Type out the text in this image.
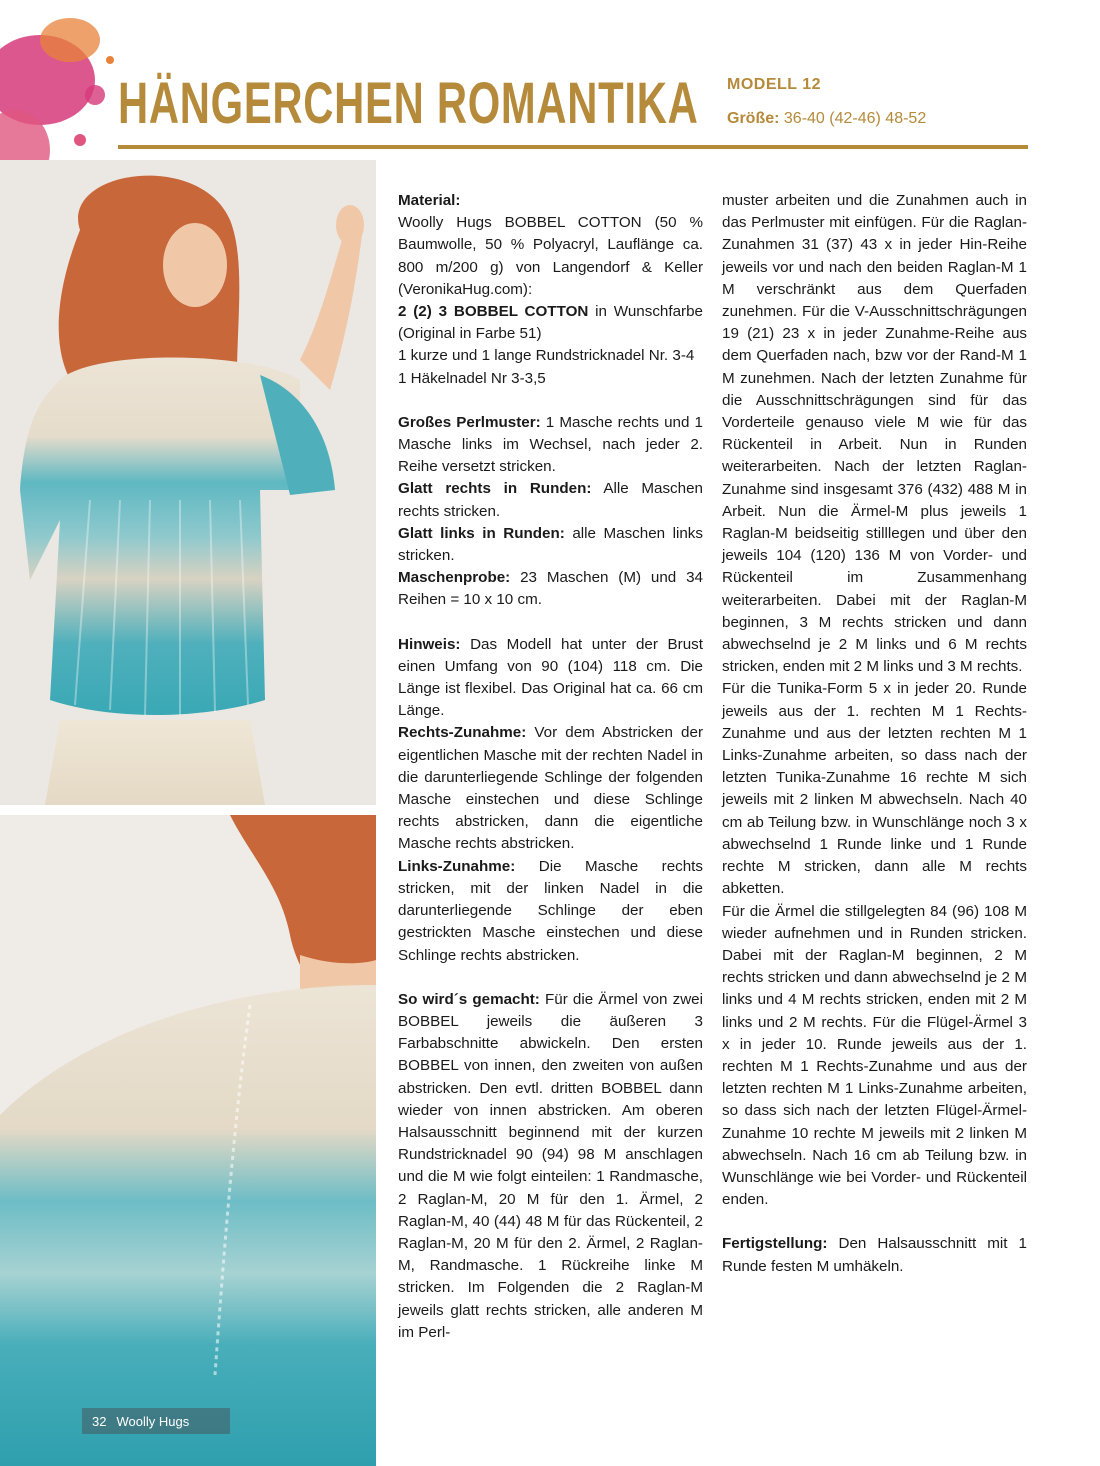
HÄNGERCHEN ROMANTIKA MODELL 12
Größe: 36-40 (42-46) 48-52
32 Woolly Hugs

Material:

Woolly Hugs BOBBEL COTTON (50 % Baumwolle, 50 % Polyacryl, Lauflänge ca. 800 m/200 g) von Langendorf & Keller (VeronikaHug.com):

2 (2) 3 BOBBEL COTTON in Wunschfarbe (Original in Farbe 51)

1 kurze und 1 lange Rundstricknadel Nr. 3-4

1 Häkelnadel Nr 3-3,5

Großes Perlmuster: 1 Masche rechts und 1 Masche links im Wechsel, nach jeder 2. Reihe versetzt stricken.

Glatt rechts in Runden: Alle Maschen rechts stricken.

Glatt links in Runden: alle Maschen links stricken.

Maschenprobe: 23 Maschen (M) und 34 Reihen = 10 x 10 cm.

Hinweis: Das Modell hat unter der Brust einen Umfang von 90 (104) 118 cm. Die Länge ist flexibel. Das Original hat ca. 66 cm Länge.

Rechts-Zunahme: Vor dem Abstricken der eigentlichen Masche mit der rechten Nadel in die darunterliegende Schlinge der folgenden Masche einstechen und diese Schlinge rechts abstricken, dann die eigentliche Masche rechts abstricken.

Links-Zunahme: Die Masche rechts stricken, mit der linken Nadel in die darunterliegende Schlinge der eben gestrickten Masche einstechen und diese Schlinge rechts abstricken.

So wird´s gemacht: Für die Ärmel von zwei BOBBEL jeweils die äußeren 3 Farbabschnitte abwickeln. Den ersten BOBBEL von innen, den zweiten von außen abstricken. Den evtl. dritten BOBBEL dann wieder von innen abstricken. Am oberen Halsausschnitt beginnend mit der kurzen Rundstricknadel 90 (94) 98 M anschlagen und die M wie folgt einteilen: 1 Randmasche, 2 Raglan-M, 20 M für den 1. Ärmel, 2 Raglan-M, 40 (44) 48 M für das Rückenteil, 2 Raglan-M, 20 M für den 2. Ärmel, 2 Raglan-M, Randmasche. 1 Rückreihe linke M stricken. Im Folgenden die 2 Raglan-M jeweils glatt rechts stricken, alle anderen M im Perl-

muster arbeiten und die Zunahmen auch in das Perlmuster mit einfügen. Für die Raglan-Zunahmen 31 (37) 43 x in jeder Hin-Reihe jeweils vor und nach den beiden Raglan-M 1 M verschränkt aus dem Querfaden zunehmen. Für die V-Ausschnittschrägungen 19 (21) 23 x in jeder Zunahme-Reihe aus dem Querfaden nach, bzw vor der Rand-M 1 M zunehmen. Nach der letzten Zunahme für die Ausschnittschrägungen sind für das Vorderteile genauso viele M wie für das Rückenteil in Arbeit. Nun in Runden weiterarbeiten. Nach der letzten Raglan-Zunahme sind insgesamt 376 (432) 488 M in Arbeit. Nun die Ärmel-M plus jeweils 1 Raglan-M beidseitig stilllegen und über den jeweils 104 (120) 136 M von Vorder- und Rückenteil im Zusammenhang weiterarbeiten. Dabei mit der Raglan-M beginnen, 3 M rechts stricken und dann abwechselnd je 2 M links und 6 M rechts stricken, enden mit 2 M links und 3 M rechts.

Für die Tunika-Form 5 x in jeder 20. Runde jeweils aus der 1. rechten M 1 Rechts-Zunahme und aus der letzten rechten M 1 Links-Zunahme arbeiten, so dass nach der letzten Tunika-Zunahme 16 rechte M sich jeweils mit 2 linken M abwechseln. Nach 40 cm ab Teilung bzw. in Wunschlänge noch 3 x abwechselnd 1 Runde linke und 1 Runde rechte M stricken, dann alle M rechts abketten.

Für die Ärmel die stillgelegten 84 (96) 108 M wieder aufnehmen und in Runden stricken. Dabei mit der Raglan-M beginnen, 2 M rechts stricken und dann abwechselnd je 2 M links und 4 M rechts stricken, enden mit 2 M links und 2 M rechts. Für die Flügel-Ärmel 3 x in jeder 10. Runde jeweils aus der 1. rechten M 1 Rechts-Zunahme und aus der letzten rechten M 1 Links-Zunahme arbeiten, so dass sich nach der letzten Flügel-Ärmel-Zunahme 10 rechte M jeweils mit 2 linken M abwechseln. Nach 16 cm ab Teilung bzw. in Wunschlänge wie bei Vorder- und Rückenteil enden.

Fertigstellung: Den Halsausschnitt mit 1 Runde festen M umhäkeln.
